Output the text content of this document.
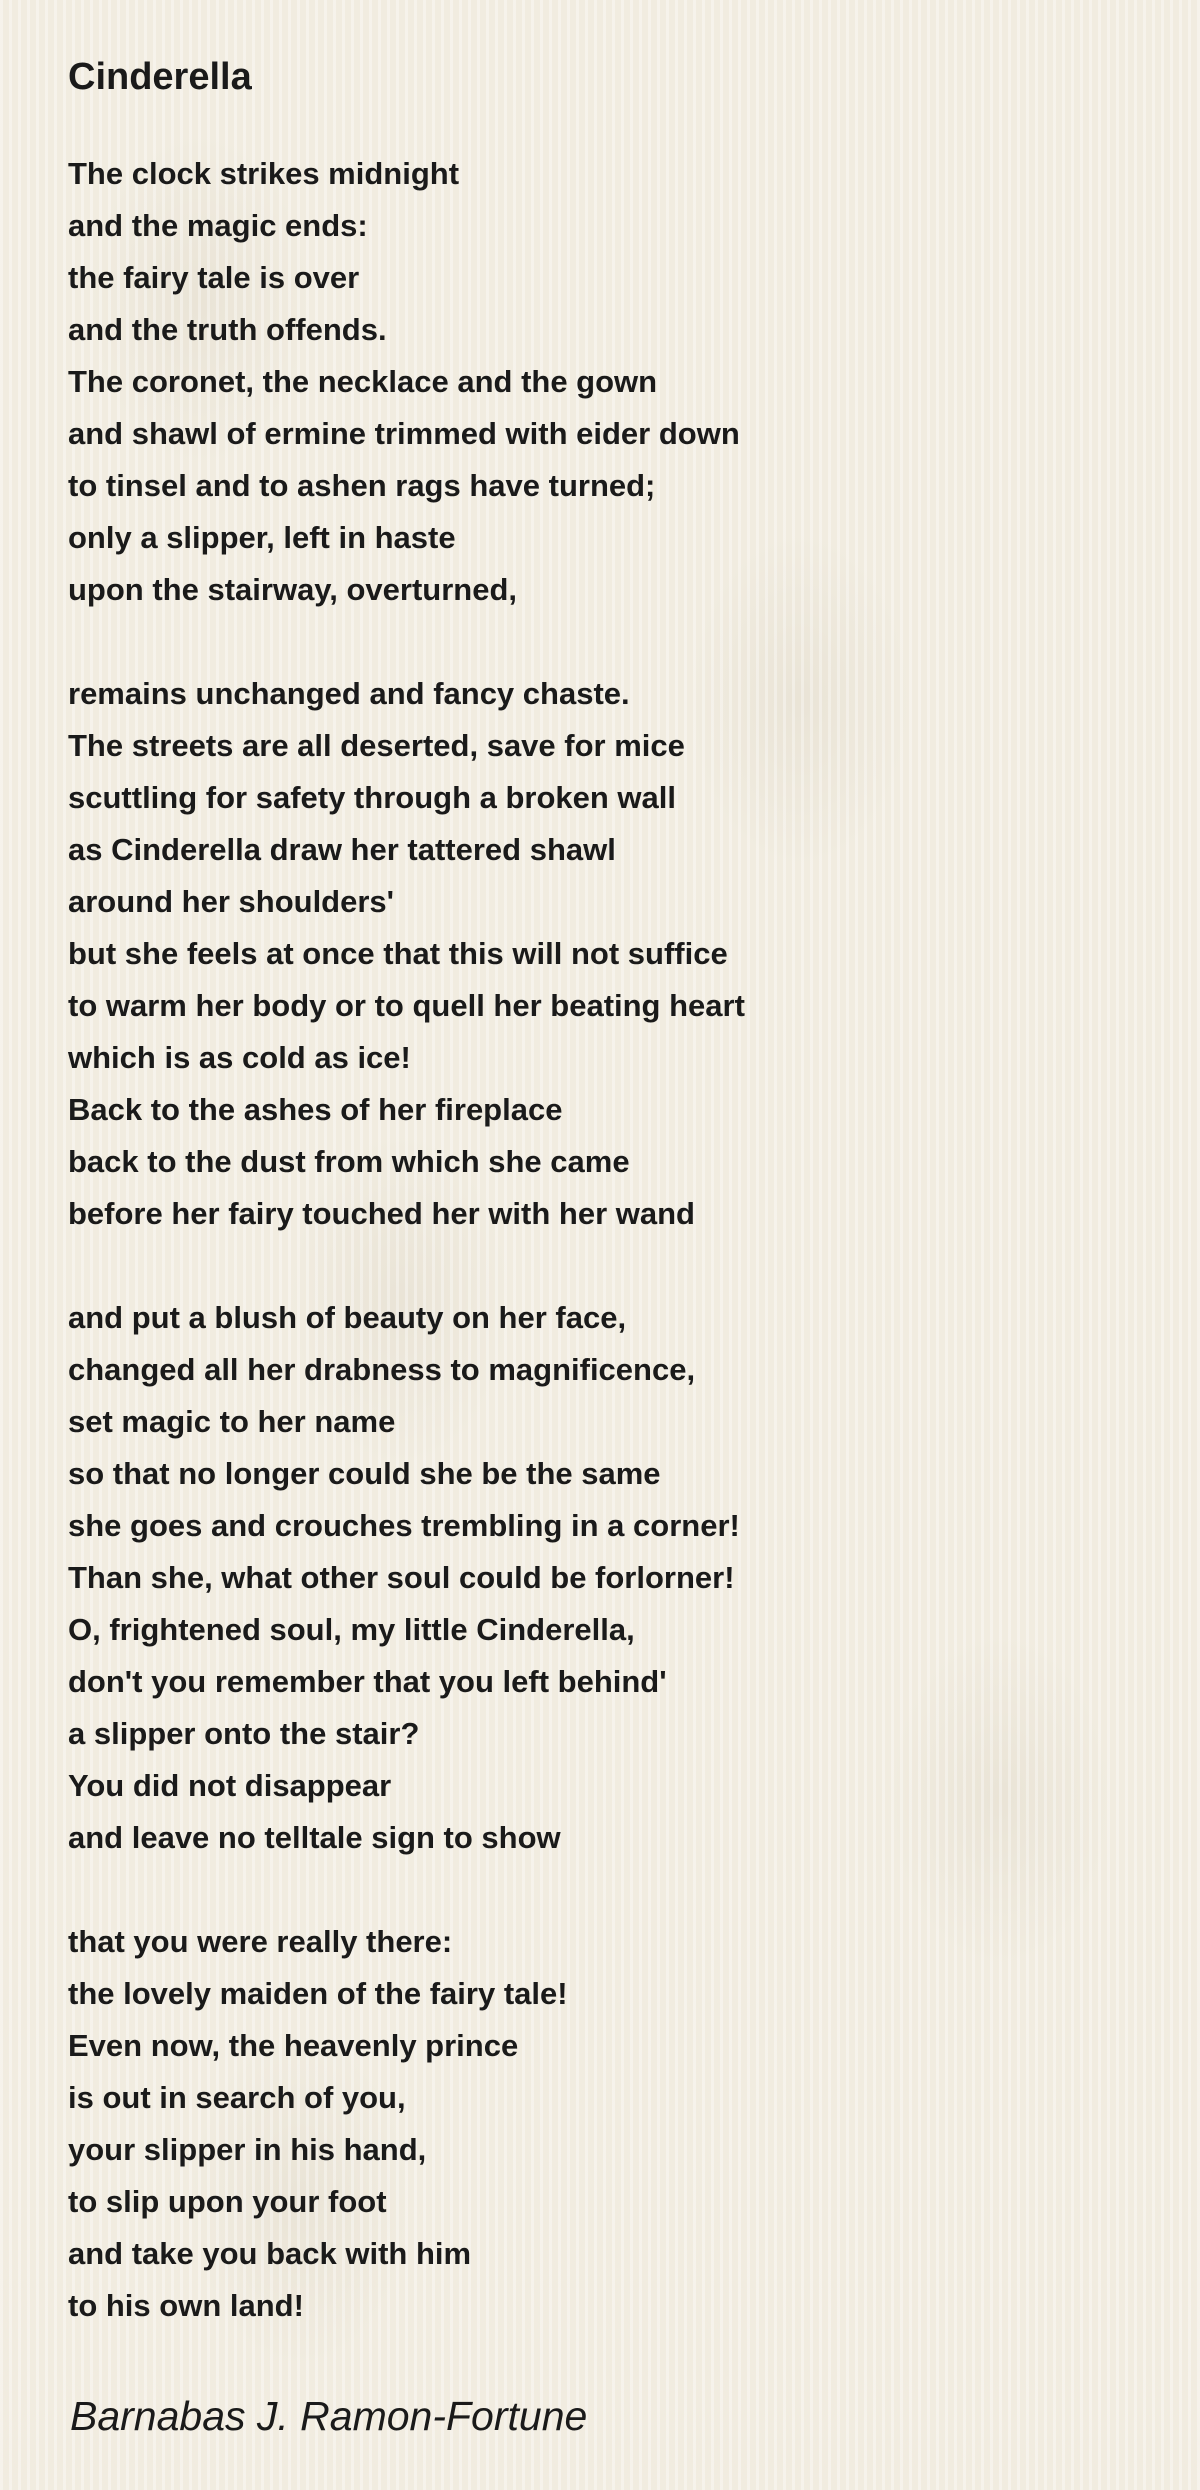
Cinderella
The clock strikes midnight
and the magic ends:
the fairy tale is over
and the truth offends.
The coronet, the necklace and the gown
and shawl of ermine trimmed with eider down
to tinsel and to ashen rags have turned;
only a slipper, left in haste
upon the stairway, overturned,
remains unchanged and fancy chaste.
The streets are all deserted, save for mice
scuttling for safety through a broken wall
as Cinderella draw her tattered shawl
around her shoulders'
but she feels at once that this will not suffice
to warm her body or to quell her beating heart
which is as cold as ice!
Back to the ashes of her fireplace
back to the dust from which she came
before her fairy touched her with her wand
and put a blush of beauty on her face,
changed all her drabness to magnificence,
set magic to her name
so that no longer could she be the same
she goes and crouches trembling in a corner!
Than she, what other soul could be forlorner!
O, frightened soul, my little Cinderella,
don't you remember that you left behind'
a slipper onto the stair?
You did not disappear
and leave no telltale sign to show
that you were really there:
the lovely maiden of the fairy tale!
Even now, the heavenly prince
is out in search of you,
your slipper in his hand,
to slip upon your foot
and take you back with him
to his own land!
Barnabas J. Ramon-Fortune
